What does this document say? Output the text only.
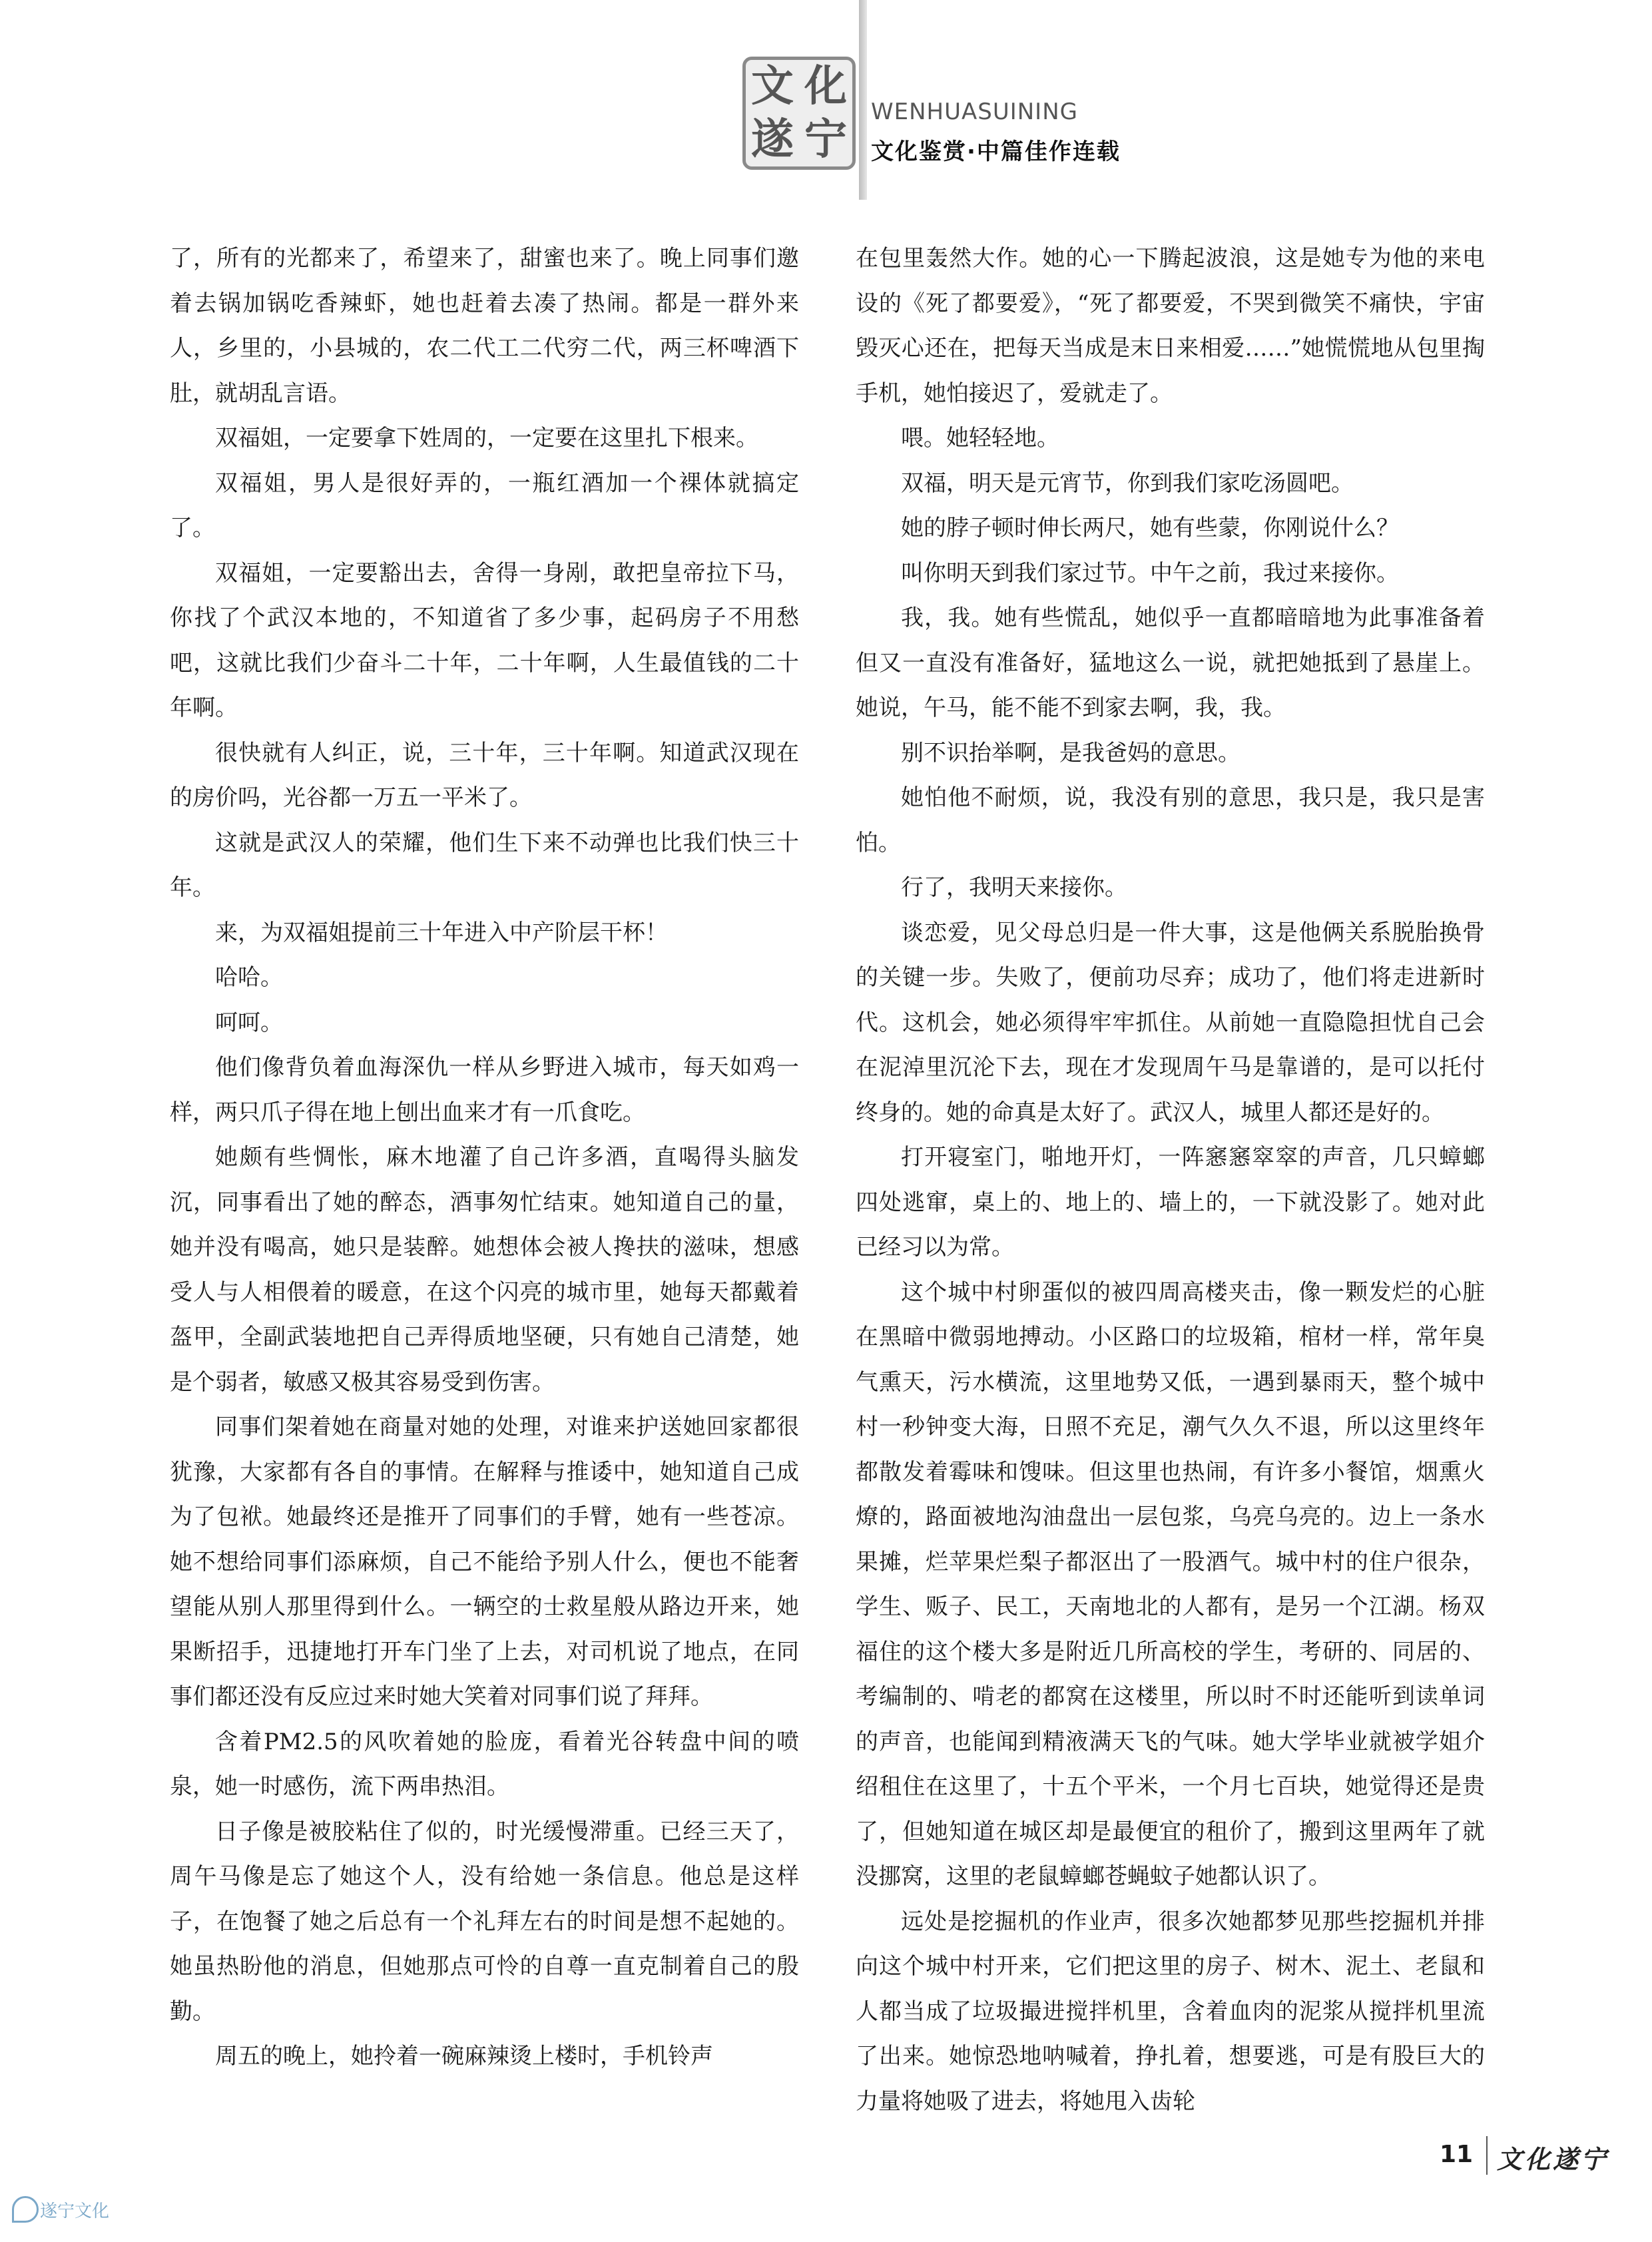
文 化
遂 宁
WENHUASUINING
文化鉴赏·中篇佳作连载

了，所有的光都来了，希望来了，甜蜜也来了。晚上同事们邀着去锅加锅吃香辣虾，她也赶着去凑了热闹。都是一群外来人，乡里的，小县城的，农二代工二代穷二代，两三杯啤酒下肚，就胡乱言语。

双福姐，一定要拿下姓周的，一定要在这里扎下根来。

双福姐，男人是很好弄的，一瓶红酒加一个裸体就搞定了。

双福姐，一定要豁出去，舍得一身剐，敢把皇帝拉下马，你找了个武汉本地的，不知道省了多少事，起码房子不用愁吧，这就比我们少奋斗二十年，二十年啊，人生最值钱的二十年啊。

很快就有人纠正，说，三十年，三十年啊。知道武汉现在的房价吗，光谷都一万五一平米了。

这就是武汉人的荣耀，他们生下来不动弹也比我们快三十年。

来，为双福姐提前三十年进入中产阶层干杯！

哈哈。

呵呵。

他们像背负着血海深仇一样从乡野进入城市，每天如鸡一样，两只爪子得在地上刨出血来才有一爪食吃。

她颇有些惆怅，麻木地灌了自己许多酒，直喝得头脑发沉，同事看出了她的醉态，酒事匆忙结束。她知道自己的量，她并没有喝高，她只是装醉。她想体会被人搀扶的滋味，想感受人与人相偎着的暖意，在这个闪亮的城市里，她每天都戴着盔甲，全副武装地把自己弄得质地坚硬，只有她自己清楚，她是个弱者，敏感又极其容易受到伤害。

同事们架着她在商量对她的处理，对谁来护送她回家都很犹豫，大家都有各自的事情。在解释与推诿中，她知道自己成为了包袱。她最终还是推开了同事们的手臂，她有一些苍凉。她不想给同事们添麻烦，自己不能给予别人什么，便也不能奢望能从别人那里得到什么。一辆空的士救星般从路边开来，她果断招手，迅捷地打开车门坐了上去，对司机说了地点，在同事们都还没有反应过来时她大笑着对同事们说了拜拜。

含着PM2.5的风吹着她的脸庞，看着光谷转盘中间的喷泉，她一时感伤，流下两串热泪。

日子像是被胶粘住了似的，时光缓慢滞重。已经三天了，周午马像是忘了她这个人，没有给她一条信息。他总是这样子，在饱餐了她之后总有一个礼拜左右的时间是想不起她的。她虽热盼他的消息，但她那点可怜的自尊一直克制着自己的殷勤。

周五的晚上，她拎着一碗麻辣烫上楼时，手机铃声

在包里轰然大作。她的心一下腾起波浪，这是她专为他的来电设的《死了都要爱》，“死了都要爱，不哭到微笑不痛快，宇宙毁灭心还在，把每天当成是末日来相爱……”她慌慌地从包里掏手机，她怕接迟了，爱就走了。

喂。她轻轻地。

双福，明天是元宵节，你到我们家吃汤圆吧。

她的脖子顿时伸长两尺，她有些蒙，你刚说什么？

叫你明天到我们家过节。中午之前，我过来接你。

我，我。她有些慌乱，她似乎一直都暗暗地为此事准备着但又一直没有准备好，猛地这么一说，就把她抵到了悬崖上。她说，午马，能不能不到家去啊，我，我。

别不识抬举啊，是我爸妈的意思。

她怕他不耐烦，说，我没有别的意思，我只是，我只是害怕。

行了，我明天来接你。

谈恋爱，见父母总归是一件大事，这是他俩关系脱胎换骨的关键一步。失败了，便前功尽弃；成功了，他们将走进新时代。这机会，她必须得牢牢抓住。从前她一直隐隐担忧自己会在泥淖里沉沦下去，现在才发现周午马是靠谱的，是可以托付终身的。她的命真是太好了。武汉人，城里人都还是好的。

打开寝室门，啪地开灯，一阵窸窸窣窣的声音，几只蟑螂四处逃窜，桌上的、地上的、墙上的，一下就没影了。她对此已经习以为常。

这个城中村卵蛋似的被四周高楼夹击，像一颗发烂的心脏在黑暗中微弱地搏动。小区路口的垃圾箱，棺材一样，常年臭气熏天，污水横流，这里地势又低，一遇到暴雨天，整个城中村一秒钟变大海，日照不充足，潮气久久不退，所以这里终年都散发着霉味和馊味。但这里也热闹，有许多小餐馆，烟熏火燎的，路面被地沟油盘出一层包浆，乌亮乌亮的。边上一条水果摊，烂苹果烂梨子都沤出了一股酒气。城中村的住户很杂，学生、贩子、民工，天南地北的人都有，是另一个江湖。杨双福住的这个楼大多是附近几所高校的学生，考研的、同居的、考编制的、啃老的都窝在这楼里，所以时不时还能听到读单词的声音，也能闻到精液满天飞的气味。她大学毕业就被学姐介绍租住在这里了，十五个平米，一个月七百块，她觉得还是贵了，但她知道在城区却是最便宜的租价了，搬到这里两年了就没挪窝，这里的老鼠蟑螂苍蝇蚊子她都认识了。

远处是挖掘机的作业声，很多次她都梦见那些挖掘机并排向这个城中村开来，它们把这里的房子、树木、泥土、老鼠和人都当成了垃圾撮进搅拌机里，含着血肉的泥浆从搅拌机里流了出来。她惊恐地呐喊着，挣扎着，想要逃，可是有股巨大的力量将她吸了进去，将她甩入齿轮

11 文化遂宁
遂宁文化
